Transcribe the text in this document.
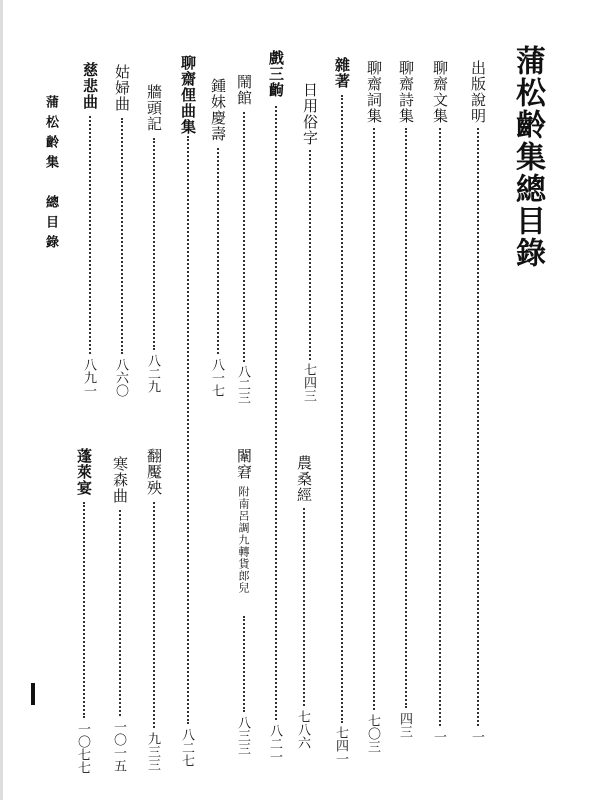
蒲松齡集總目錄
出版說明
一
聊齋文集
一
聊齋詩集
四三
聊齋詞集
七〇三
雜著
七四一
日用俗字
七四三
農桑經
七八六
戲三齣
八二一
鬧館
八二三
闈窘
附南呂調九轉貨郎兒
八三三
鍾妹慶壽
八一七
聊齋俚曲集
八二七
牆頭記
八二九
翻魘殃
九三三
姑婦曲
八六〇
寒森曲
一〇一五
慈悲曲
八九一
蓬萊宴
一〇七七
蒲松齡集　總目錄
